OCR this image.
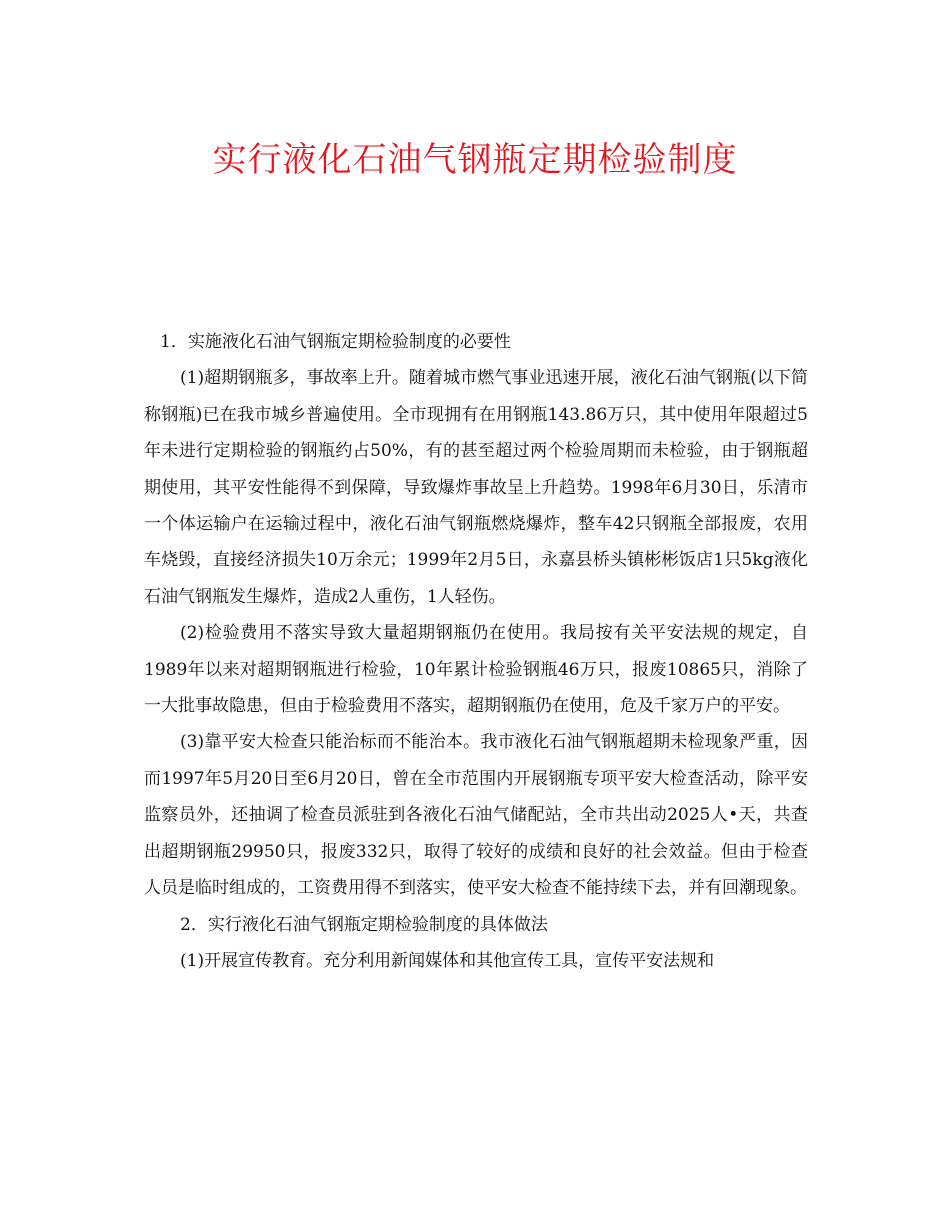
实行液化石油气钢瓶定期检验制度

1．实施液化石油气钢瓶定期检验制度的必要性

(1)超期钢瓶多，事故率上升。随着城市燃气事业迅速开展，液化石油气钢瓶(以下简称钢瓶)已在我市城乡普遍使用。全市现拥有在用钢瓶143.86万只，其中使用年限超过5年未进行定期检验的钢瓶约占50%，有的甚至超过两个检验周期而未检验，由于钢瓶超期使用，其平安性能得不到保障，导致爆炸事故呈上升趋势。1998年6月30日，乐清市一个体运输户在运输过程中，液化石油气钢瓶燃烧爆炸，整车42只钢瓶全部报废，农用车烧毁，直接经济损失10万余元；1999年2月5日，永嘉县桥头镇彬彬饭店1只5kg液化石油气钢瓶发生爆炸，造成2人重伤，1人轻伤。

(2)检验费用不落实导致大量超期钢瓶仍在使用。我局按有关平安法规的规定，自1989年以来对超期钢瓶进行检验，10年累计检验钢瓶46万只，报废10865只，消除了一大批事故隐患，但由于检验费用不落实，超期钢瓶仍在使用，危及千家万户的平安。

(3)靠平安大检查只能治标而不能治本。我市液化石油气钢瓶超期未检现象严重，因而1997年5月20日至6月20日，曾在全市范围内开展钢瓶专项平安大检查活动，除平安监察员外，还抽调了检查员派驻到各液化石油气储配站，全市共出动2025人•天，共查出超期钢瓶29950只，报废332只，取得了较好的成绩和良好的社会效益。但由于检查人员是临时组成的，工资费用得不到落实，使平安大检查不能持续下去，并有回潮现象。

2．实行液化石油气钢瓶定期检验制度的具体做法

(1)开展宣传教育。充分利用新闻媒体和其他宣传工具，宣传平安法规和
